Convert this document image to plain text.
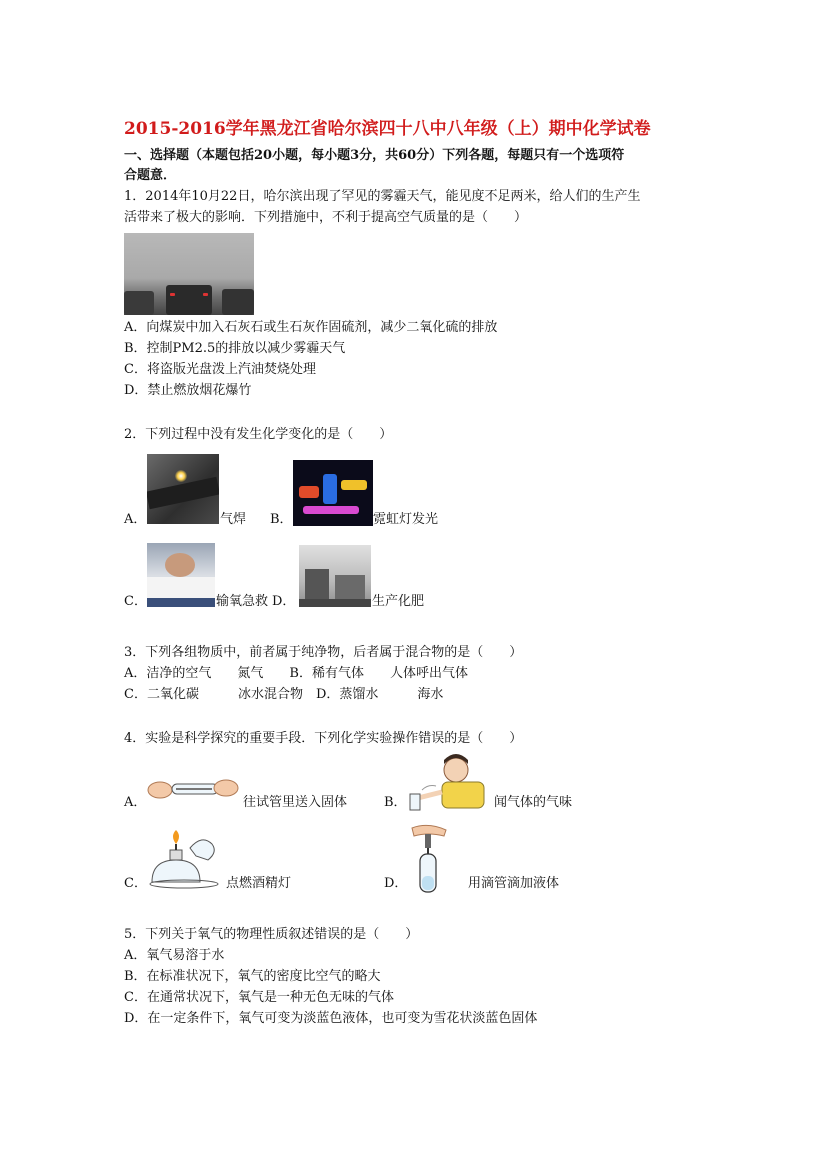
2015-2016学年黑龙江省哈尔滨四十八中八年级（上）期中化学试卷
一、选择题（本题包括20小题，每小题3分，共60分）下列各题，每题只有一个选项符
合题意．
1．2014年10月22日，哈尔滨出现了罕见的雾霾天气，能见度不足两米，给人们的生产生
活带来了极大的影响．下列措施中，不利于提高空气质量的是（　　）
A．向煤炭中加入石灰石或生石灰作固硫剂，减少二氧化硫的排放
B．控制PM2.5的排放以减少雾霾天气
C．将盗版光盘泼上汽油焚烧处理
D．禁止燃放烟花爆竹
2．下列过程中没有发生化学变化的是（　　）
A．	气焊 B．	霓虹灯发光
C．	输氧急救 D．	生产化肥
3．下列各组物质中，前者属于纯净物，后者属于混合物的是（　　）
A．洁净的空气　　氮气　　B．稀有气体　　人体呼出气体
C．二氧化碳　　　冰水混合物　D．蒸馏水　　　海水
4．实验是科学探究的重要手段．下列化学实验操作错误的是（　　）
A．	往试管里送入固体	B．	闻气体的气味
C．	点燃酒精灯	D．	用滴管滴加液体
5．下列关于氧气的物理性质叙述错误的是（　　）
A．氧气易溶于水
B．在标准状况下，氧气的密度比空气的略大
C．在通常状况下，氧气是一种无色无味的气体
D．在一定条件下，氧气可变为淡蓝色液体，也可变为雪花状淡蓝色固体
